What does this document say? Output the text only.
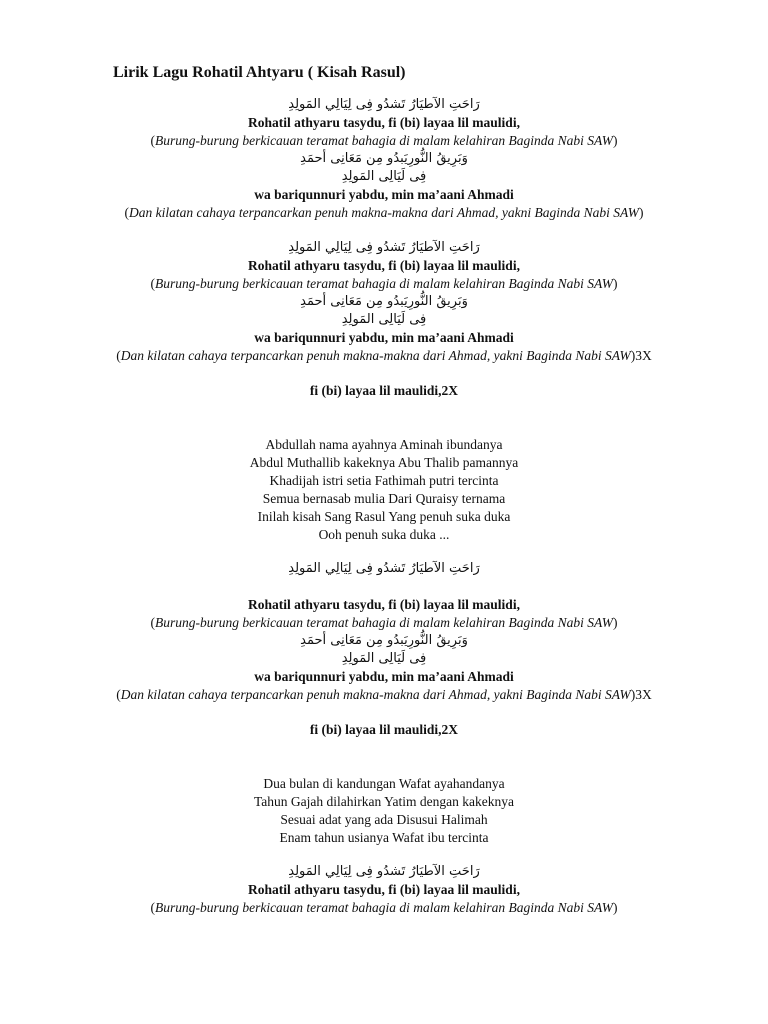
Lirik Lagu Rohatil Ahtyaru ( Kisah Rasul)
رَاحَتِ الآطيَارُ تَشدُو فِى لِيَالِي المَولِدِ
Rohatil athyaru tasydu, fi (bi) layaa lil maulidi,
(Burung-burung berkicauan teramat bahagia di malam kelahiran Baginda Nabi SAW)
وَبَرِيقُ النُّورِيَبدُو مِن مَعَانِى أحمَدِ
فِى لَيَالِى المَولِدِ
wa bariqunnuri yabdu, min ma’aani Ahmadi
(Dan kilatan cahaya terpancarkan penuh makna-makna dari Ahmad, yakni Baginda Nabi SAW)
رَاحَتِ الآطيَارُ تَشدُو فِى لِيَالِي المَولِدِ
Rohatil athyaru tasydu, fi (bi) layaa lil maulidi,
(Burung-burung berkicauan teramat bahagia di malam kelahiran Baginda Nabi SAW)
وَبَرِيقُ النُّورِيَبدُو مِن مَعَانِى أحمَدِ
فِى لَيَالِى المَولِدِ
wa bariqunnuri yabdu, min ma’aani Ahmadi
(Dan kilatan cahaya terpancarkan penuh makna-makna dari Ahmad, yakni Baginda Nabi SAW)3X
fi (bi) layaa lil maulidi,2X
Abdullah nama ayahnya Aminah ibundanya
Abdul Muthallib kakeknya Abu Thalib pamannya
Khadijah istri setia Fathimah putri tercinta
Semua bernasab mulia Dari Quraisy ternama
Inilah kisah Sang Rasul Yang penuh suka duka
Ooh penuh suka duka ...
رَاحَتِ الآطيَارُ تَشدُو فِى لِيَالِي المَولِدِ
Rohatil athyaru tasydu, fi (bi) layaa lil maulidi,
(Burung-burung berkicauan teramat bahagia di malam kelahiran Baginda Nabi SAW)
وَبَرِيقُ النُّورِيَبدُو مِن مَعَانِى أحمَدِ
فِى لَيَالِى المَولِدِ
wa bariqunnuri yabdu, min ma’aani Ahmadi
(Dan kilatan cahaya terpancarkan penuh makna-makna dari Ahmad, yakni Baginda Nabi SAW)3X
fi (bi) layaa lil maulidi,2X
Dua bulan di kandungan Wafat ayahandanya
Tahun Gajah dilahirkan Yatim dengan kakeknya
Sesuai adat yang ada Disusui Halimah
Enam tahun usianya Wafat ibu tercinta
رَاحَتِ الآطيَارُ تَشدُو فِى لِيَالِي المَولِدِ
Rohatil athyaru tasydu, fi (bi) layaa lil maulidi,
(Burung-burung berkicauan teramat bahagia di malam kelahiran Baginda Nabi SAW)
